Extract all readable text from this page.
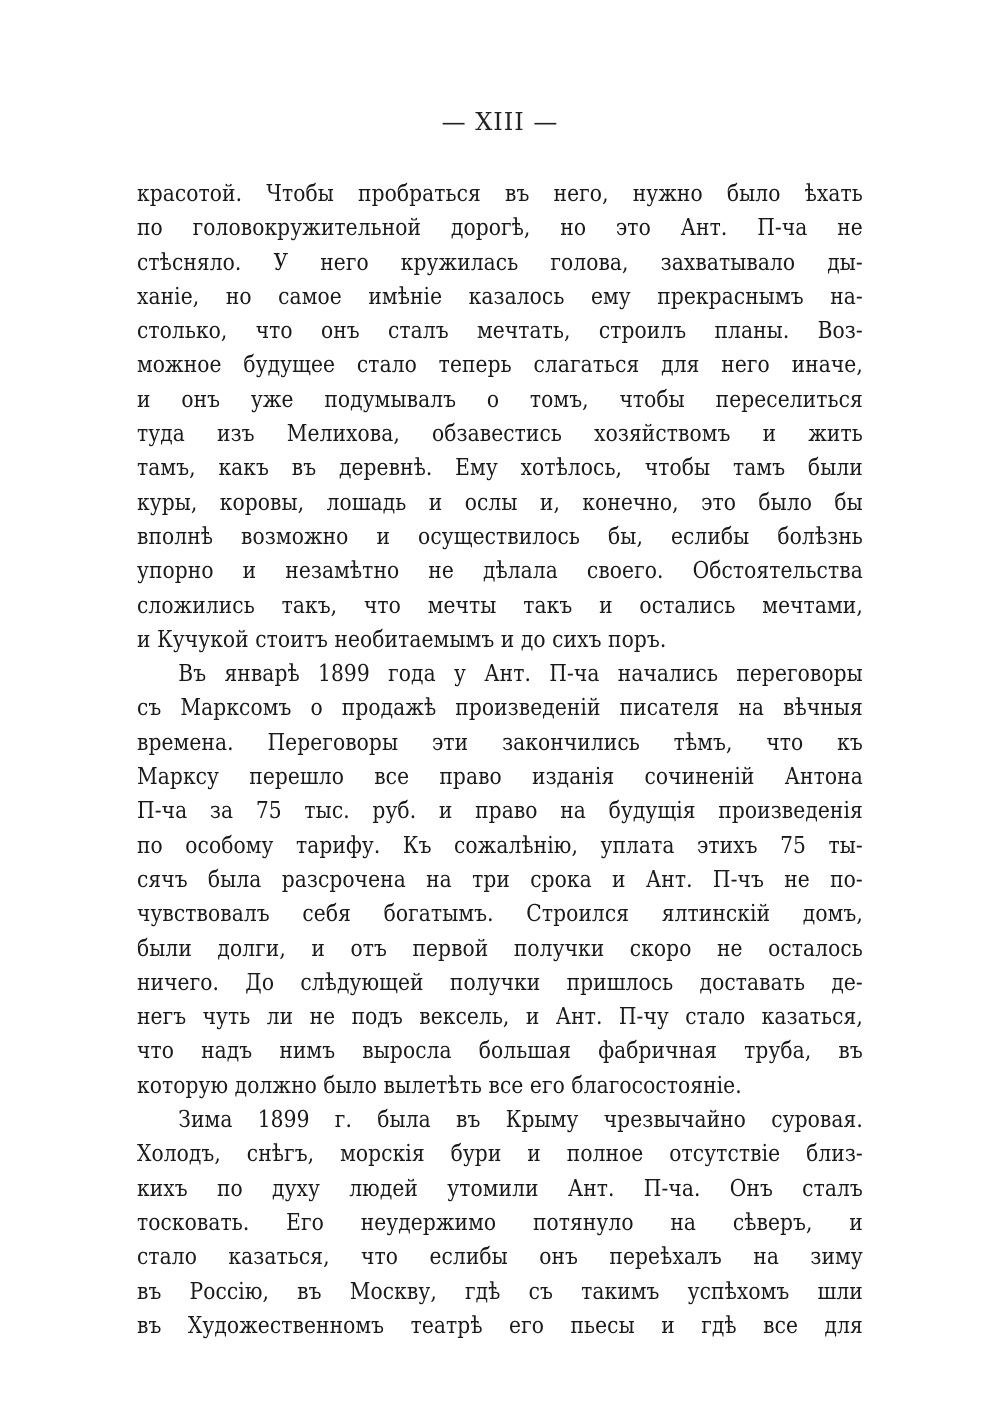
— XIII —
красотой. Чтобы пробраться въ него, нужно было ѣхать
по головокружительной дорогѣ, но это Ант. П-ча не
стѣсняло. У него кружилась голова, захватывало ды-
ханіе, но самое имѣніе казалось ему прекраснымъ на-
столько, что онъ сталъ мечтать, строилъ планы. Воз-
можное будущее стало теперь слагаться для него иначе,
и онъ уже подумывалъ о томъ, чтобы переселиться
туда изъ Мелихова, обзавестись хозяйствомъ и жить
тамъ, какъ въ деревнѣ. Ему хотѣлось, чтобы тамъ были
куры, коровы, лошадь и ослы и, конечно, это было бы
вполнѣ возможно и осуществилось бы, еслибы болѣзнь
упорно и незамѣтно не дѣлала своего. Обстоятельства
сложились такъ, что мечты такъ и остались мечтами,
и Кучукой стоитъ необитаемымъ и до сихъ поръ.
Въ январѣ 1899 года у Ант. П-ча начались переговоры
съ Марксомъ о продажѣ произведеній писателя на вѣчныя
времена. Переговоры эти закончились тѣмъ, что къ
Марксу перешло все право изданія сочиненій Антона
П-ча за 75 тыс. руб. и право на будущія произведенія
по особому тарифу. Къ сожалѣнію, уплата этихъ 75 ты-
сячъ была разсрочена на три срока и Ант. П-чъ не по-
чувствовалъ себя богатымъ. Строился ялтинскій домъ,
были долги, и отъ первой получки скоро не осталось
ничего. До слѣдующей получки пришлось доставать де-
негъ чуть ли не подъ вексель, и Ант. П-чу стало казаться,
что надъ нимъ выросла большая фабричная труба, въ
которую должно было вылетѣть все его благосостояніе.
Зима 1899 г. была въ Крыму чрезвычайно суровая.
Холодъ, снѣгъ, морскія бури и полное отсутствіе близ-
кихъ по духу людей утомили Ант. П-ча. Онъ сталъ
тосковать. Его неудержимо потянуло на сѣверъ, и
стало казаться, что еслибы онъ переѣхалъ на зиму
въ Россію, въ Москву, гдѣ съ такимъ успѣхомъ шли
въ Художественномъ театрѣ его пьесы и гдѣ все для
